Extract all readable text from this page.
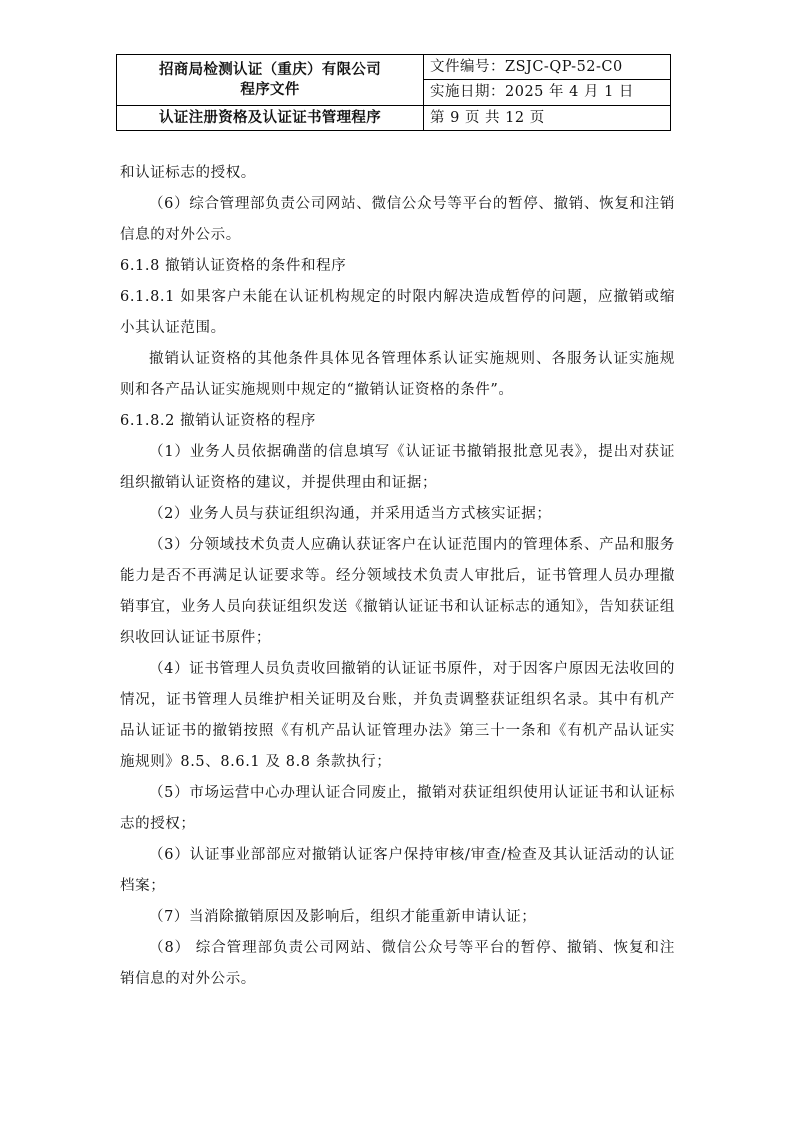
招商局检测认证（重庆）有限公司
程序文件	文件编号：ZSJC-QP-52-C0
	实施日期：2025 年 4 月 1 日
认证注册资格及认证证书管理程序	第 9 页 共 12 页

和认证标志的授权。

（6）综合管理部负责公司网站、微信公众号等平台的暂停、撤销、恢复和注销信息的对外公示。

6.1.8 撤销认证资格的条件和程序

6.1.8.1 如果客户未能在认证机构规定的时限内解决造成暂停的问题，应撤销或缩小其认证范围。

撤销认证资格的其他条件具体见各管理体系认证实施规则、各服务认证实施规则和各产品认证实施规则中规定的“撤销认证资格的条件”。

6.1.8.2 撤销认证资格的程序

（1）业务人员依据确凿的信息填写《认证证书撤销报批意见表》，提出对获证组织撤销认证资格的建议，并提供理由和证据；

（2）业务人员与获证组织沟通，并采用适当方式核实证据；

（3）分领域技术负责人应确认获证客户在认证范围内的管理体系、产品和服务能力是否不再满足认证要求等。经分领域技术负责人审批后，证书管理人员办理撤销事宜，业务人员向获证组织发送《撤销认证证书和认证标志的通知》，告知获证组织收回认证证书原件；

（4）证书管理人员负责收回撤销的认证证书原件，对于因客户原因无法收回的情况，证书管理人员维护相关证明及台账，并负责调整获证组织名录。其中有机产品认证证书的撤销按照《有机产品认证管理办法》第三十一条和《有机产品认证实施规则》8.5、8.6.1 及 8.8 条款执行；

（5）市场运营中心办理认证合同废止，撤销对获证组织使用认证证书和认证标志的授权；

（6）认证事业部部应对撤销认证客户保持审核/审查/检查及其认证活动的认证档案；

（7）当消除撤销原因及影响后，组织才能重新申请认证；

（8） 综合管理部负责公司网站、微信公众号等平台的暂停、撤销、恢复和注销信息的对外公示。
